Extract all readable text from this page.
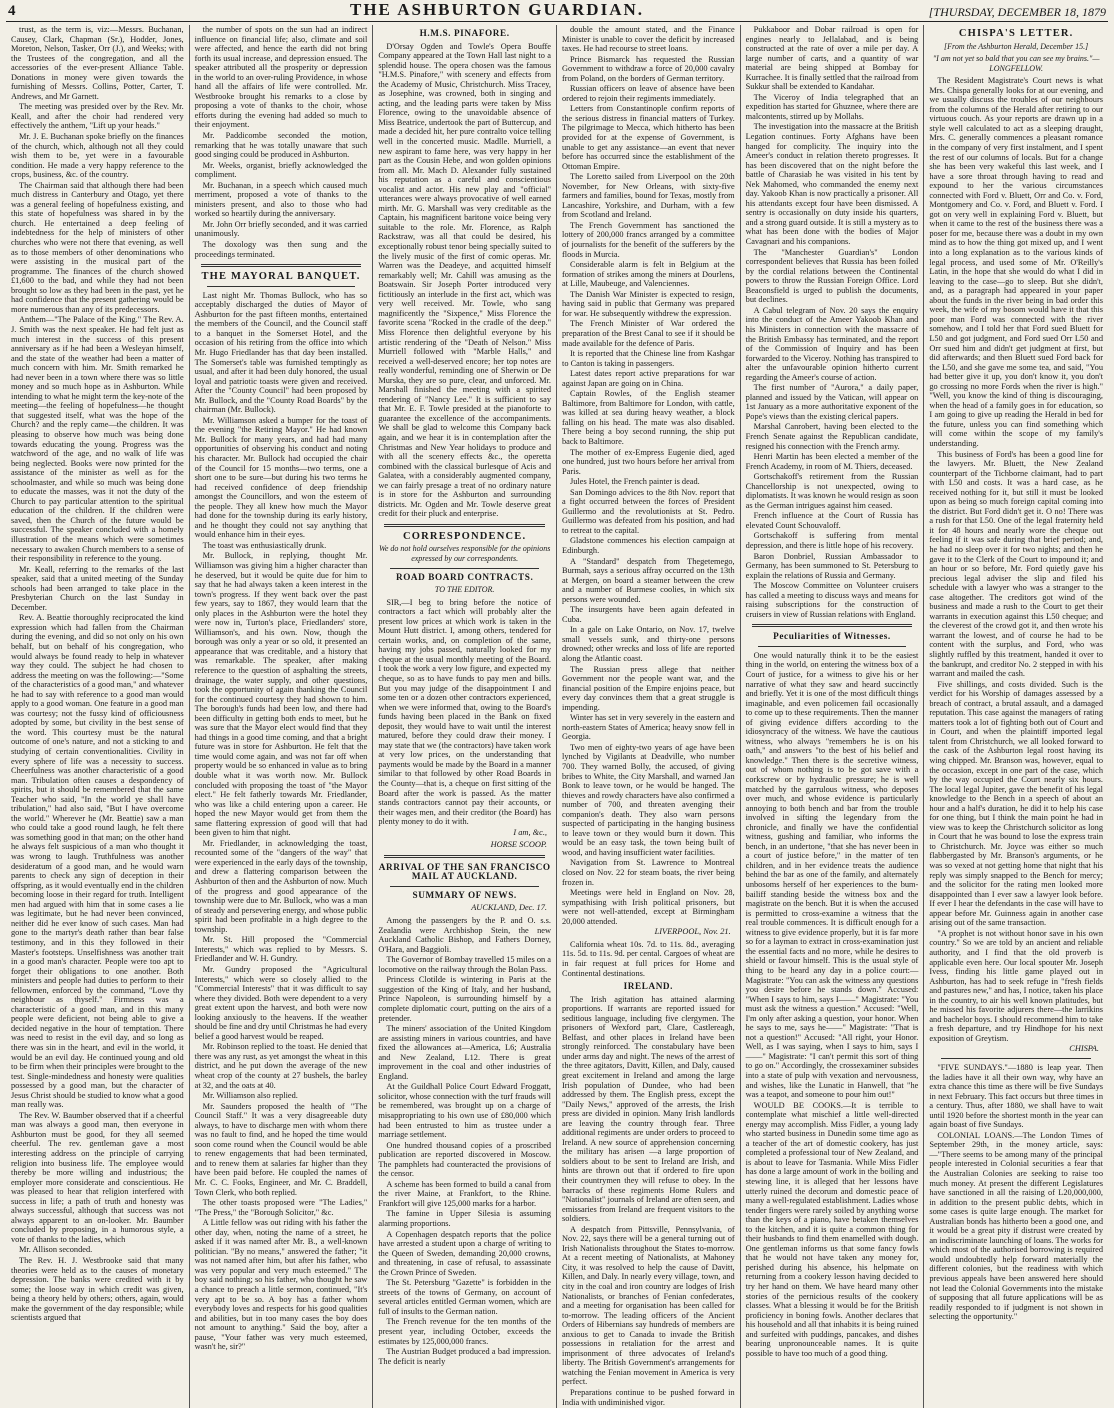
4	THE ASHBURTON GUARDIAN.	[THURSDAY, DECEMBER 18, 1879

trust, as the term is, viz:—Messrs. Buchanan, Causey, Clark, Chapman (Sr.), Hodder, Jones, Moreton, Nelson, Tasker, Orr (J.), and Weeks; with the Trustees of the congregation, and all the accessories of the ever-present Alliance Table. Donations in money were given towards the furnishing of Messrs. Collins, Potter, Carter, T. Andrews, and Mr Garnett.

The meeting was presided over by the Rev. Mr. Keall, and after the choir had rendered very effectively the anthem, "Lift up your heads."

Mr. J. E. Buchanan spoke briefly on the finances of the church, which, although not all they could wish them to be, yet were in a favourable condition. He made a very happy reference to the crops, business, &c. of the country.

The Chairman said that although there had been much distress in Canterbury and Otago, yet there was a general feeling of hopefulness existing, and this state of hopefulness was shared in by the church. He entertained a deep feeling of indebtedness for the help of ministers of other churches who were not there that evening, as well as to those members of other denominations who were assisting in the musical part of the programme. The finances of the church showed £1,600 to the bad, and while they had not been brought so low as they had been in the past, yet he had confidence that the present gathering would be more numerous than any of its predecessors.

Anthem—"The Palace of the King." The Rev. A. J. Smith was the next speaker. He had felt just as much interest in the success of this present anniversary as if he had been a Wesleyan himself, and the state of the weather had been a matter of much concern with him. Mr. Smith remarked he had never been in a town where there was so little money and so much hope as in Ashburton. While intending to what he might term the key-note of the meeting—the feeling of hopefulness—he thought that suggested itself, what was the hope of the Church? and the reply came—the children. It was pleasing to observe how much was being done towards educating the young. Progress was the watchword of the age, and no walk of life was being neglected. Books were now printed for the assistance of the minister as well as for the schoolmaster, and while so much was being done to educate the masses, was it not the duty of the Church to pay particular attention to the spiritual education of the children. If the children were saved, then the Church of the future would be successful. The speaker concluded with a homely illustration of the means which were sometimes necessary to awaken Church members to a sense of their responsibility in reference to the young.

Mr. Keall, referring to the remarks of the last speaker, said that a united meeting of the Sunday schools had been arranged to take place in the Presbyterian Church on the last Sunday in December.

Rev. A. Beattie thoroughly reciprocated the kind expression which had fallen from the Chairman during the evening, and did so not only on his own behalf, but on behalf of his congregation, who would always be found ready to help in whatever way they could. The subject he had chosen to address the meeting on was the following:—"Some of the characteristics of a good man," and whatever he had to say with reference to a good man would apply to a good woman. One feature in a good man was courtesy; not the fussy kind of officiousness adopted by some, but civility in the best sense of the word. This courtesy must be the natural outcome of one's nature, and not a sticking to and studying of certain conventionalities. Civility in every sphere of life was a necessity to success. Cheerfulness was another characteristic of a good man. Tribulation often causes a despondency of spirits, but it should be remembered that the same Teacher who said, "In the world ye shall have tribulation," had also said, "But I have overcome the world." Wherever he (Mr. Beattie) saw a man who could take a good round laugh, he felt there was something good in that man; on the other hand he always felt suspicious of a man who thought it was wrong to laugh. Truthfulness was another desideratum of a good man, and he would warn parents to check any sign of deception in their offspring, as it would eventually end in the children becoming loose in their regard for truth. Intelligent men had argued with him that in some cases a lie was legitimate, but he had never been convinced, neither did he ever know of such cases. Man had gone to the martyr's death rather than bear false testimony, and in this they followed in their Master's footsteps. Unselfishness was another trait in a good man's character. People were too apt to forget their obligations to one another. Both ministers and people had duties to perform to their fellowmen, enforced by the command, "Love thy neighbour as thyself." Firmness was a characteristic of a good man, and in this many people were deficient, not being able to give a decided negative in the hour of temptation. There was need to resist in the evil day, and so long as there was sin in the heart, and evil in the world, it would be an evil day. He continued young and old to be firm when their principles were brought to the test. Single-mindedness and honesty were qualities possessed by a good man, but the character of Jesus Christ should be studied to know what a good man really was.

The Rev. W. Baumber observed that if a cheerful man was always a good man, then everyone in Ashburton must be good, for they all seemed cheerful. The rev. gentleman gave a most interesting address on the principle of carrying religion into business life. The employee would thereby be more willing and industrious; the employer more considerate and conscientious. He was pleased to hear that religion interfered with success in life; a path of truth and honesty was always successful, although that success was not always apparent to an on-looker. Mr. Baumber concluded by proposing, in a humorous style, a vote of thanks to the ladies, which

Mr. Allison seconded.

The Rev. H. J. Westbrooke said that many theories were held as to the causes of monetary depression. The banks were credited with it by some; the loose way in which credit was given, being a theory held by others; others, again, would make the government of the day responsible; while scientists argued that

the number of spots on the sun had an indirect influence on financial life; also, climate and soil were affected, and hence the earth did not bring forth its usual increase, and depression ensued. The speaker attributed all the prosperity or depression in the world to an over-ruling Providence, in whose hand all the affairs of life were controlled. Mr. Westbrooke brought his remarks to a close by proposing a vote of thanks to the choir, whose efforts during the evening had added so much to their enjoyment.

Mr. Paddicombe seconded the motion, remarking that he was totally unaware that such good singing could be produced in Ashburton.

Mr. Weeks, organist, briefly acknowledged the compliment.

Mr. Buchanan, in a speech which caused much merriment, proposed a vote of thanks to the ministers present, and also to those who had worked so heartily during the anniversary.

Mr. John Orr briefly seconded, and it was carried unanimously.

The doxology was then sung and the proceedings terminated.

THE MAYORAL BANQUET.

Last night Mr. Thomas Bullock, who has so acceptably discharged the duties of Mayor of Ashburton for the past fifteen months, entertained the members of the Council, and the Council staff to a banquet in the Somerset Hotel, and the occasion of his retiring from the office into which Mr. Hugo Friedlander has that day been installed. The Somerset's table was furnished temptingly as usual, and after it had been duly honored, the usual loyal and patriotic toasts were given and received. After the "County Council" had been proposed by Mr. Bullock, and the "County Road Boards" by the chairman (Mr. Bullock).

Mr. Williamson asked a bumper for the toast of the evening "the Retiring Mayor." He had known Mr. Bullock for many years, and had had many opportunities of observing his conduct and noting his character. Mr. Bullock had occupied the chair of the Council for 15 months—two terms, one a short one to be sure—but during his two terms he had received confidence of deep friendship amongst the Councillors, and won the esteem of the people. They all knew how much the Mayor had done for the township during its early history, and he thought they could not say anything that would enhance him in their eyes.

The toast was enthusiastically drunk.

Mr. Bullock, in replying, thought Mr. Williamson was giving him a higher character than he deserved, but it would be quite due for him to say that he had always taken a keen interest in the town's progress. If they went back over the past few years, say to 1867, they would learn that the only places in the Ashburton were the hotel they were now in, Turton's place, Friedlanders' store, Williamson's, and his own. Now, though the borough was only a year or so old, it presented an appearance that was creditable, and a history that was remarkable. The speaker, after making reference to the question of asphalting the streets, drainage, the water supply, and other questions, took the opportunity of again thanking the Council for the continued courtesy they had shown to him. The borough's funds had been low, and there had been difficulty in getting both ends to meet, but he was sure that the Mayor elect would find that they had things in a good time coming, and that a bright future was in store for Ashburton. He felt that the time would come again, and was not far off when property would be so enhanced in value as to bring double what it was worth now. Mr. Bullock concluded with proposing the toast of "the Mayor elect." He felt fatherly towards Mr. Friedlander, who was like a child entering upon a career. He hoped the new Mayor would get from them the same flattering expression of good will that had been given to him that night.

Mr. Friedlander, in acknowledging the toast, recounted some of the "dangers of the way" that were experienced in the early days of the township, and drew a flattering comparison between the Ashburton of then and the Ashburton of now. Much of the progress and good appearance of the township were due to Mr. Bullock, who was a man of steady and persevering energy, and whose public spirit had been profitable in a high degree to the township.

Mr. St. Hill proposed the "Commercial Interests," which was replied to by Messrs. S. Friedlander and W. H. Gundry.

Mr. Gundry proposed the "Agricultural Interests," which were so closely allied to the "Commercial Interests" that it was difficult to say where they divided. Both were dependent to a very great extent upon the harvest, and both were now looking anxiously to the heavens. If the weather should be fine and dry until Christmas he had every belief a good harvest would be reaped.

Mr. Robinson replied to the toast. He denied that there was any rust, as yet amongst the wheat in this district, and he put down the average of the new wheat crop of the county at 27 bushels, the barley at 32, and the oats at 40.

Mr. Williamson also replied.

Mr. Saunders proposed the health of "The Council Staff." It was a very disagreeable duty always, to have to discharge men with whom there was no fault to find, and he hoped the time would soon come round when the Council would be able to renew engagements that had been terminated, and to renew them at salaries far higher than they have been paid before. He coupled the names of Mr. C. C. Fooks, Engineer, and Mr. C. Braddell, Town Clerk, who both replied.

The other toasts proposed were "The Ladies," "The Press," the "Borough Solicitor," &c.

A Little fellow was out riding with his father the other day, when, noting the name of a street, he asked if it was named after Mr. B., a well-known politician. "By no means," answered the father; "it was not named after him, but after his father, who was very popular and very much esteemed." The boy said nothing; so his father, who thought he saw a chance to preach a little sermon, continued, "It's very apt to be so. A boy has a father whom everybody loves and respects for his good qualities and abilities, but in too many cases the boy does not amount to anything." Said the boy, after a pause, "Your father was very much esteemed, wasn't he, sir?"

H.M.S. PINAFORE.

D'Orsay Ogden and Towle's Opera Bouffe Company appeared at the Town Hall last night to a splendid house. The opera chosen was the famous "H.M.S. Pinafore," with scenery and effects from the Academy of Music, Christchurch. Miss Tracey, as Josephine, was crowned, both in singing and acting, and the leading parts were taken by Miss Florence, owing to the unavoidable absence of Miss Beatrice, undertook the part of Buttercup, and made a decided hit, her pure contralto voice telling well in the concerted music. Madlle. Murriell, a new aspirant to fame here, was very happy in her part as the Cousin Hebe, and won golden opinions from all. Mr. Mach D. Alexander fully sustained his reputation as a careful and conscientious vocalist and actor. His new play and "official" utterances were always provocative of well earned mirth. Mr. G. Marshall was very creditable as the Captain, his magnificent baritone voice being very suitable to the role. Mr. Florence, as Ralph Rackstraw, was all that could be desired, his exceptionally robust tenor being specially suited to the lively music of the first of comic operas. Mr. Warren was the Deadeye, and acquitted himself remarkably well; Mr. Cahill was amusing as the Boatswain. Sir Joseph Porter introduced very fictitiously an interlude in the first act, which was very well received. Mr. Towle, who sang magnificently the "Sixpence," Miss Florence the favorite scena "Rocked in the cradle of the deep." Miss Florence then delightful everyone by his artistic rendering of the "Death of Nelson." Miss Murriell followed with "Marble Halls," and received a well-deserved encore; her top notes are really wonderful, reminding one of Sherwin or De Murska, they are so pure, clear, and unforced. Mr. Marshall finished the meeting with a spirited rendering of "Nancy Lee." It is sufficient to say that Mr. E. F. Towle presided at the pianoforte to guarantee the excellence of the accompaniments. We shall be glad to welcome this Company back again, and we hear it is in contemplation after the Christmas and New Year holidays to produce and with all the scenery effects &c., the operetta combined with the classical burlesque of Acis and Galatea, with a considerably augmented company, we can fairly presage a treat of no ordinary nature is in store for the Ashburton and surrounding districts. Mr. Ogden and Mr. Towle deserve great credit for their pluck and enterprise.

CORRESPONDENCE.
We do not hold ourselves responsible for the opinions expressed by our correspondents.
ROAD BOARD CONTRACTS.
TO THE EDITOR.

SIR,—I beg to bring before the notice of contractors a fact which will probably alter the present low prices at which work is taken in the Mount Hutt district. I, among others, tendered for certain works, and, on completion of the same, having my jobs passed, naturally looked for my cheque at the usual monthly meeting of the Board. I took the work a very low figure, and expected my cheque, so as to have funds to pay men and bills. But you may judge of the disappointment I and some ten or a dozen other contractors experienced, when we were informed that, owing to the Board's funds having been placed in the Bank on fixed deposit, they would have to wait until the interest matured, before they could draw their money. I may state that we (the contractors) have taken work at very low prices, on the understanding that payments would be made by the Board in a manner similar to that followed by other Road Boards in the County—that is, a cheque on first sitting of the Board after the work is passed. As the matter stands contractors cannot pay their accounts, or their wages men, and their creditor (the Board) has plenty money to do it with.

I am, &c.,
HORSE SCOOP.
ARRIVAL OF THE SAN FRANCISCO MAIL AT AUCKLAND.
SUMMARY OF NEWS.
AUCKLAND, Dec. 17.

Among the passengers by the P. and O. s.s. Zealandia were Archbishop Stein, the new Auckland Catholic Bishop, and Fathers Dorney, O'Hara, and Baggioli.

The Governor of Bombay travelled 15 miles on a locomotive on the railway through the Bolan Pass.

Princess Clotilde is wintering in Paris at the suggestion of the King of Italy, and her husband, Prince Napoleon, is surrounding himself by a complete diplomatic court, putting on the airs of a pretender.

The miners' association of the United Kingdom are assisting miners in various countries, and have fixed the allowances at—America, L6; Australia and New Zealand, L12. There is great improvement in the coal and other industries of England.

At the Guildhall Police Court Edward Froggatt, solicitor, whose connection with the turf frauds will be remembered, was brought up on a charge of misappropriating to his own use of £80,000 which had been entrusted to him as trustee under a marriage settlement.

One hundred thousand copies of a proscribed publication are reported discovered in Moscow. The pamphlets had counteracted the provisions of the censor.

A scheme has been formed to build a canal from the river Maine, at Frankfort, to the Rhine. Frankfort will give 125,000 marks for a harbor.

The famine in Upper Silesia is assuming alarming proportions.

A Copenhagen despatch reports that the police have arrested a student upon a charge of writing to the Queen of Sweden, demanding 20,000 crowns, and threatening, in case of refusal, to assassinate the Crown Prince of Sweden.

The St. Petersburg "Gazette" is forbidden in the streets of the towns of Germany, on account of several articles entitled German women, which are full of insults to the German nation.

The French revenue for the ten months of the present year, including October, exceeds the estimates by 125,000,000 francs.

The Austrian Budget produced a bad impression. The deficit is nearly

double the amount stated, and the Finance Minister is unable to cover the deficit by increased taxes. He had recourse to street loans.

Prince Bismarck has requested the Russian Government to withdraw a force of 20,000 cavalry from Poland, on the borders of German territory.

Russian officers on leave of absence have been ordered to rejoin their regiments immediately.

Letters from Constantinople confirm reports of the serious distress in financial matters of Turkey. The pilgrimage to Mecca, which hitherto has been provided for at the expense of Government, is unable to get any assistance—an event that never before has occurred since the establishment of the Ottoman Empire.

The Loretto sailed from Liverpool on the 20th November, for New Orleans, with sixty-five farmers and families, bound for Texas, mostly from Lancashire, Yorkshire, and Durham, with a few from Scotland and Ireland.

The French Government has sanctioned the lottery of 200,000 francs arranged by a committee of journalists for the benefit of the sufferers by the floods in Murcia.

Considerable alarm is felt in Belgium at the formation of strikes among the miners at Dourlens, at Lille, Maubeuge, and Valenciennes.

The Danish War Minister is expected to resign, having said in public that Germany was prepared for war. He subsequently withdrew the expression.

The French Minister of War ordered the preparation of the Brest Canal to see if it should be made available for the defence of Paris.

It is reported that the Chinese line from Kashgar to Canton is taking in passengers.

Latest dates report active preparations for war against Japan are going on in China.

Captain Rowles, of the English steamer Baltimore, from Baltimore for London, with cattle, was killed at sea during heavy weather, a block falling on his head. The mate was also disabled. There being a boy second running, the ship put back to Baltimore.

The mother of ex-Empress Eugenie died, aged one hundred, just two hours before her arrival from Paris.

Jules Hotel, the French painter is dead.

San Domingo advices to the 8th Nov. report that a fight occurred between the forces of President Guillermo and the revolutionists at St. Pedro. Guillermo was defeated from his position, and had to retreat to the capital.

Gladstone commences his election campaign at Edinburgh.

A "Standard" despatch from Thegetemego, Burmah, says a serious affray occurred on the 13th at Mergen, on board a steamer between the crew and a number of Burmese coolies, in which six persons were wounded.

The insurgents have been again defeated in Cuba.

In a gale on Lake Ontario, on Nov. 17, twelve small vessels sunk, and thirty-one persons drowned; other wrecks and loss of life are reported along the Atlantic coast.

The Russian press allege that neither Government nor the people want war, and the financial position of the Empire enjoins peace, but every day convinces them that a great struggle is impending.

Winter has set in very severely in the eastern and north-eastern States of America; heavy snow fell in Georgia.

Two men of eighty-two years of age have been lynched by Vigilants at Deadville, who number 700. They warned Bolly, the accused, of giving bribes to White, the City Marshall, and warned Jan Bonk to leave town, or he would be hanged. The thieves and rowdy characters have also confirmed a number of 700, and threaten avenging their companion's death. They also warn persons suspected of participating in the hanging business to leave town or they would burn it down. This would be an easy task, the town being built of wood, and having insufficient water facilities.

Navigation from St. Lawrence to Montreal closed on Nov. 22 for steam boats, the river being frozen in.

Meetings were held in England on Nov. 28, sympathising with Irish political prisoners, but were not well-attended, except at Birmingham 20,000 attended.

LIVERPOOL, Nov. 21.

California wheat 10s. 7d. to 11s. 8d., averaging 11s. 5d. to 11s. 9d. per cental. Cargoes of wheat are in fair request at full prices for Home and Continental destinations.

IRELAND.

The Irish agitation has attained alarming proportions. If warrants are reported issued for seditious language, including five clergymen. The prisoners of Wexford part, Clare, Castlereagh, Belfast, and other places in Ireland have been strongly reinforced. The constabulary have been under arms day and night. The news of the arrest of the three agitators, Davitt, Killen, and Daly, caused great excitement in Ireland and among the large Irish population of Dundee, who had been addressed by them. The English press, except the "Daily News," approved of the arrests, the Irish press are divided in opinion. Many Irish landlords are leaving the country through fear. Three additional regiments are under orders to proceed to Ireland. A new source of apprehension concerning the military has arisen —a large proportion of soldiers about to be sent to Ireland are Irish, and hints are thrown out that if ordered to fire upon their countrymen they will refuse to obey. In the barracks of these regiments Home Rulers and "Nationalist" journals of Ireland are often seen, and emissaries from Ireland are frequent visitors to the soldiers.

A despatch from Pittsville, Pennsylvania, of Nov. 22, says there will be a general turning out of Irish Nationalists throughout the States to-morrow. At a recent meeting of Nationalists, at Mahoney City, it was resolved to help the cause of Davitt, Killen, and Daly. In nearly every village, town, and city in the coal and iron country are lodges of Irish Nationalists, or branches of Fenian confederates, and a meeting for organisation has been called for to-morrow. The leading officers of the Ancient Orders of Hibernians say hundreds of members are anxious to get to Canada to invade the British possessions in retaliation for the arrest and imprisonment of three advocates of Ireland's liberty. The British Government's arrangements for watching the Fenian movement in America is very perfect.

Preparations continue to be pushed forward in India with undiminished vigor.

Pukkaboor and Dobar railroad is open for engines nearly to Jellalabad, and is being constructed at the rate of over a mile per day. A large number of carts, and a quantity of war material are being shipped at Bombay for Kurrachee. It is finally settled that the railroad from Sukkur shall be extended to Kandahar.

The Viceroy of India telegraphed that an expedition has started for Ghuznee, where there are malcontents, stirred up by Mollahs.

The investigation into the massacre at the British Legation continues. Forty Afghans have been hanged for complicity. The inquiry into the Ameer's conduct in relation thereto progresses. It has been discovered that on the night before the battle of Charasiab he was visited in his tent by Nek Mahomed, who commanded the enemy next day. Yakoob Khan is now practically a prisoner. All his attendants except four have been dismissed. A sentry is occasionally on duty inside his quarters, and a strong guard outside. It is still a mystery as to what has been done with the bodies of Major Cavagnari and his companions.

The "Manchester Guardian's" London correspondent believes that Russia has been foiled by the cordial relations between the Continental powers to throw the Russian Foreign Office. Lord Beaconsfield is urged to publish the documents, but declines.

A Cabul telegram of Nov. 20 says the enquiry into the conduct of the Ameer Yakoob Khan and his Ministers in connection with the massacre of the British Embassy has terminated, and the report of the Commission of Inquiry and has been forwarded to the Viceroy. Nothing has transpired to alter the unfavourable opinion hitherto current regarding the Ameer's course of action.

The first number of "Aurora," a daily paper, planned and issued by the Vatican, will appear on 1st January as a more authoritative exponent of the Pope's views than the existing clerical papers.

Marshal Canrobert, having been elected to the French Senate against the Republican candidate, resigned his connection with the French army.

Henri Martin has been elected a member of the French Academy, in room of M. Thiers, deceased.

Gortschakoff's retirement from the Russian Chancellorship is not unexpected, owing to diplomatists. It was known he would resign as soon as the German intrigues against him ceased.

French influence at the Court of Russia has elevated Count Schouvaloff.

Gortschakoff is suffering from mental depression, and there is little hope of his recovery.

Baron Donbriel, Russian Ambassador to Germany, has been summoned to St. Petersburg to explain the relations of Russia and Germany.

The Moscow Committee on Volunteer cruisers has called a meeting to discuss ways and means for raising subscriptions for the construction of cruisers in view of Russian relations with England.

Peculiarities of Witnesses.

One would naturally think it to be the easiest thing in the world, on entering the witness box of a Court of justice, for a witness to give his or her narrative of what they saw and heard succinctly and briefly. Yet it is one of the most difficult things imaginable, and even policemen fail occasionally to come up to these requirements. Then the manner of giving evidence differs according to the idiosyncracy of the witness. We have the cautious witness, who always "remembers he is on his oath," and answers "to the best of his belief and knowledge." Then there is the secretive witness, out of whom nothing is to be got save with a corkscrew or by hydraulic pressure; he is well matched by the garrulous witness, who deposes over much, and whose evidence is particularly annoying to both bench and bar from the trouble involved in sifting the legendary from the chronicle, and finally we have the confidential witness, gushing and familiar, who informs the bench, in an undertone, "that she has never been in a court of justice before," in the matter of ten children, and in her evidence treats the audience behind the bar as one of the family, and alternately unbosoms herself of her experiences to the bum-bailiff standing beside the witness box and the magistrate on the bench. But it is when the accused is permitted to cross-examine a witness that the real trouble commences. It is difficult enough for a witness to give evidence properly, but it is far more so for a layman to extract in cross-examination just the essential facts and no more, while he desires to shield or favour himself. This is the usual style of thing to be heard any day in a police court:—Magistrate: "You can ask the witness any questions you desire before he stands down." Accused: "When I says to him, says I——" Magistrate: "You must ask the witness a question." Accused: "Well, I'm only after asking a question, your honor. When he says to me, says he——" Magistrate: "That is not a question!" Accused: "All right, your Honor. Well, as I was saying, when I says to him, says I——" Magistrate: "I can't permit this sort of thing to go on." Accordingly, the crossexaminer subsides into a state of pulp with vexation and nervousness, and wishes, like the Lunatic in Hanwell, that "he was a teapot, and someone to pour him out!"

WOULD BE COOKS.—It is terrible to contemplate what mischief a little well-directed energy may accomplish. Miss Fidler, a young lady who started business in Dunedin some time ago as a teacher of the art of domestic cookery, has just completed a professional tour of New Zealand, and is about to leave for Tasmania. While Miss Fidler has done a large amount of work in the boiling and stewing line, it is alleged that her lessons have utterly ruined the decorum and domestic peace of many a well-regulated establishment. Ladies whose tender fingers were rarely soiled by anything worse than the keys of a piano, have betaken themselves to the kitchen, and it is quite a common thing for their husbands to find them enamelled with dough. One gentleman informs us that some fancy fowls that he would not have taken any money for, perished during his absence, his helpmate on returning from a cookery lesson having decided to try her hand on them. We have heard many other stories of the pernicious results of the cookery classes. What a blessing it would be for the British proficiency in boning fowls. Another declares that his household and all that inhabits it is being ruined and surfeited with puddings, pancakes, and dishes bearing unpronounceable names. It is quite possible to have too much of a good thing.

CHISPA'S LETTER.
[From the Ashburton Herald, December 15.]
"I am not yet so bald that you can see my brains."—LONGFELLOW.

The Resident Magistrate's Court news is what Mrs. Chispa generally looks for at our evening, and we usually discuss the troubles of our neighbours from the columns of the Herald after retiring to our virtuous couch. As your reports are drawn up in a style well calculated to act as a sleeping draught, Mrs. C. generally commences a pleasant romance in the company of very first instalment, and I spent the rest of our columns of locals. But for a change she has been very wakeful this last week, and I have a sore throat through having to read and expound to her the various circumstances connected with Ford v. Bluett, Orr and Co. v. Ford, Montgomery and Co. v. Ford, and Bluett v. Ford. I got on very well in explaining Ford v. Bluett, but when it came to the rest of the business there was a poser for me, because there was a doubt in my own mind as to how the thing got mixed up, and I went into a long explanation as to the various kinds of legal process, and used some of Mr. O'Reilly's Latin, in the hope that she would do what I did in leaving to the case—go to sleep. But she didn't, and, as a paragraph had appeared in your paper about the funds in the river being in bad order this week, the wife of my bosom would have it that this poor man Ford was connected with the river somehow, and I told her that Ford sued Bluett for L50 and got judgment, and Ford sued Orr L50 and Orr sued him and didn't get judgment at first, but did afterwards; and then Bluett sued Ford back for the L50, and she gave me some tea, and said, "You had better give it up, you don't know it, you don't go crossing no more Fords when the river is high." "Well, you know the kind of thing is discouraging, when the head of a family goes in for education, so I am going to give up reading the Herald in bed for the future, unless you can find something which will come within the scope of my family's understanding.

This business of Ford's has been a good line for the lawyers. Mr. Bluett, the New Zealand counterpart of the Tichborne claimant, had to part with L50 and costs. It was a hard case, as he received nothing for it, but still it must be looked upon as being so much foreign capital coming into the district. But Ford didn't get it. O no! There was a rush for that L50. One of the legal fraternity held it for 48 hours and nearly wore the cheque out feeling if it was safe during that brief period; and, he had no sleep over it for two nights; and then he gave it to the Clerk of the Court to impound it; and an hour or so before, Mr. Ford quietly gave his precious legal adviser the slip and filed his schedule with a lawyer who was a stranger to the case altogether. The creditors got wind of the business and made a rush to the Court to get their warrants in execution against this L50 cheque; and the cleverest of the crowd got it, and then wrote his warrant the lowest, and of course he had to be content with the surplus, and Ford, who was slightly ruffled by this treatment, handed it over to the bankrupt, and creditor No. 2 stepped in with his warrant and mailed the cash.

Five shillings, and costs divided. Such is the verdict for his Worship of damages assessed by a breach of contract, a brutal assault, and a damaged reputation. This case against the managers of rating matters took a lot of fighting both out of Court and in Court, and when the plaintiff imported legal talent from Christchurch, we all looked forward to the cask of the Ashburton legal roost having its wing chipped. Mr. Branson was, however, equal to the occasion, except in one part of the case, which by the way occupied the Court nearly six hours. The local legal Jupiter, gave the benefit of his legal knowledge to the Bench in a speech of about an hour and a half's duration, he did it to help his case for one thing, but I think the main point he had in view was to keep the Christchurch solicitor as long in Court that he was bound to lose the express train to Christchurch. Mr. Joyce was either so much flabbergasted by Mr. Branson's arguments, or he was so vexed at not getting home that night that his reply was simply snapped to the Bench for mercy; and the solicitor for the rating men looked more disappointed than I ever saw a lawyer look before. If ever I hear the defendants in the case will have to appear before Mr. Guinness again in another case arising out of the same transaction.

"A prophet is not without honor save in his own country." So we are told by an ancient and reliable authority, and I find that the old proverb is applicable even here. Our local spouter Mr. Joseph Ivess, finding his little game played out in Ashburton, has had to seek refuge in "fresh fields and pastures new," and has, I notice, taken his place in the country, to air his well known platitudes, but he missed his favorite adjurers there—the larrikins and bachelor boys. I should recommend him to take a fresh departure, and try Hindhope for his next exposition of Greytism.

CHISPA.

"FIVE SUNDAYS."—1880 is leap year. Then the ladies have it all their own way, why have an extra chance this time as there will be five Sundays in next February. This fact occurs but three times in a century. Thus, after 1880, we shall have to wait until 1920 before the shortest month in the year can again boast of five Sundays.

COLONIAL LOANS.—The London Times of September 29th, in the money article, says:—"There seems to be among many of the principal people interested in Colonial securities a fear that the Australian Colonies are seeking to raise too much money. At present the different Legislatures have sanctioned in all the raising of L20,000,000, in addition to the present public debts, which in some cases is quite large enough. The market for Australian bonds has hitherto been a good one, and it would be a great pity if distrust were created by an indiscriminate launching of loans. The works for which most of the authorised borrowing is required would undoubtedly help forward materially the different colonies, but the readiness with which previous appeals have been answered here should not lead the Colonial Governments into the mistake of supposing that all future applications will be as readily responded to if judgment is not shown in selecting the opportunity."
